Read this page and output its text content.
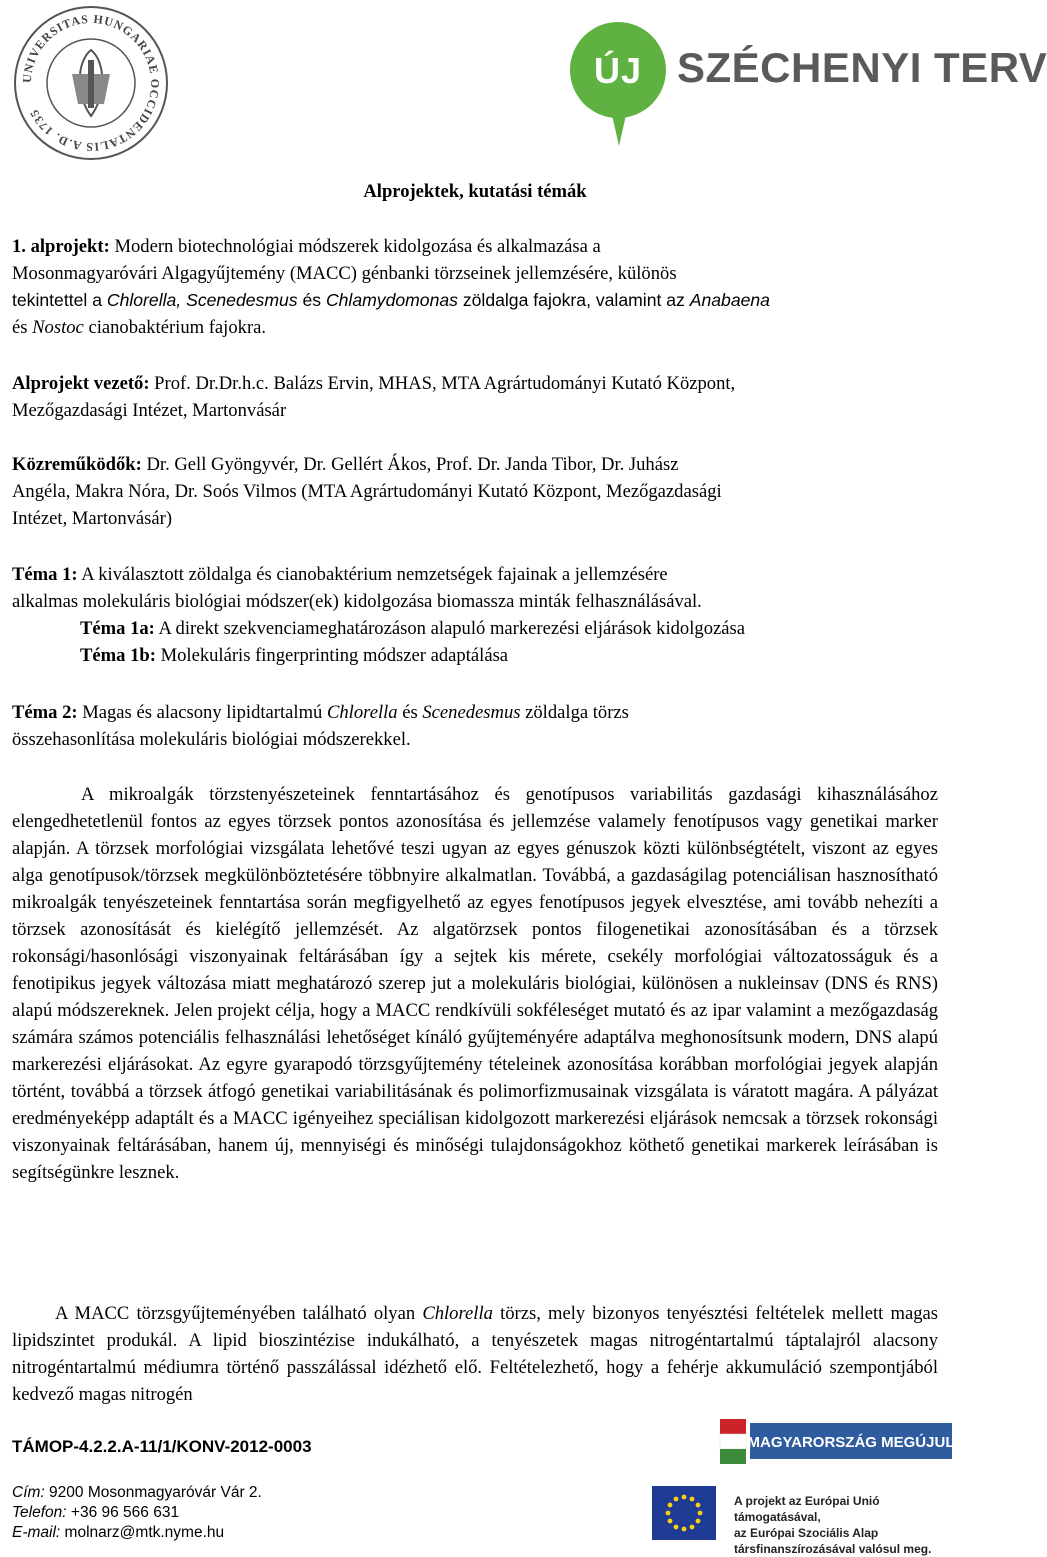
UNIVERSITAS HUNGARIAE OCCIDENTALIS A.D. 1735
ÚJ SZÉCHENYI TERV
Alprojektek, kutatási témák
1. alprojekt: Modern biotechnológiai módszerek kidolgozása és alkalmazása a
Mosonmagyaróvári Algagyűjtemény (MACC) génbanki törzseinek jellemzésére, különös
tekintettel a Chlorella, Scenedesmus és Chlamydomonas zöldalga fajokra, valamint az Anabaena
és Nostoc cianobaktérium fajokra.
Alprojekt vezető: Prof. Dr.Dr.h.c. Balázs Ervin, MHAS, MTA Agrártudományi Kutató Központ,
Mezőgazdasági Intézet, Martonvásár
Közreműködők: Dr. Gell Gyöngyvér, Dr. Gellért Ákos, Prof. Dr. Janda Tibor, Dr. Juhász
Angéla, Makra Nóra, Dr. Soós Vilmos (MTA Agrártudományi Kutató Központ, Mezőgazdasági
Intézet, Martonvásár)
Téma 1: A kiválasztott zöldalga és cianobaktérium nemzetségek fajainak a jellemzésére
alkalmas molekuláris biológiai módszer(ek) kidolgozása biomassza minták felhasználásával.
Téma 1a: A direkt szekvenciameghatározáson alapuló markerezési eljárások kidolgozása
Téma 1b: Molekuláris fingerprinting módszer adaptálása
Téma 2: Magas és alacsony lipidtartalmú Chlorella és Scenedesmus zöldalga törzs
összehasonlítása molekuláris biológiai módszerekkel.
A mikroalgák törzstenyészeteinek fenntartásához és genotípusos variabilitás gazdasági kihasználásához elengedhetetlenül fontos az egyes törzsek pontos azonosítása és jellemzése valamely fenotípusos vagy genetikai marker alapján. A törzsek morfológiai vizsgálata lehetővé teszi ugyan az egyes génuszok közti különbségtételt, viszont az egyes alga genotípusok/törzsek megkülönböztetésére többnyire alkalmatlan. Továbbá, a gazdaságilag potenciálisan hasznosítható mikroalgák tenyészeteinek fenntartása során megfigyelhető az egyes fenotípusos jegyek elvesztése, ami tovább nehezíti a törzsek azonosítását és kielégítő jellemzését. Az algatörzsek pontos filogenetikai azonosításában és a törzsek rokonsági/hasonlósági viszonyainak feltárásában így a sejtek kis mérete, csekély morfológiai változatosságuk és a fenotipikus jegyek változása miatt meghatározó szerep jut a molekuláris biológiai, különösen a nukleinsav (DNS és RNS) alapú módszereknek. Jelen projekt célja, hogy a MACC rendkívüli sokféleséget mutató és az ipar valamint a mezőgazdaság számára számos potenciális felhasználási lehetőséget kínáló gyűjteményére adaptálva meghonosítsunk modern, DNS alapú markerezési eljárásokat. Az egyre gyarapodó törzsgyűjtemény tételeinek azonosítása korábban morfológiai jegyek alapján történt, továbbá a törzsek átfogó genetikai variabilitásának és polimorfizmusainak vizsgálata is váratott magára. A pályázat eredményeképp adaptált és a MACC igényeihez speciálisan kidolgozott markerezési eljárások nemcsak a törzsek rokonsági viszonyainak feltárásában, hanem új, mennyiségi és minőségi tulajdonságokhoz köthető genetikai markerek leírásában is segítségünkre lesznek.
A MACC törzsgyűjteményében található olyan Chlorella törzs, mely bizonyos tenyésztési feltételek mellett magas lipidszintet produkál. A lipid bioszintézise indukálható, a tenyészetek magas nitrogéntartalmú táptalajról alacsony nitrogéntartalmú médiumra történő passzálással idézhető elő. Feltételezhető, hogy a fehérje akkumuláció szempontjából kedvező magas nitrogén
TÁMOP-4.2.2.A-11/1/KONV-2012-0003
Cím: 9200 Mosonmagyaróvár Vár 2.
Telefon: +36 96 566 631
E-mail: molnarz@mtk.nyme.hu
MAGYARORSZÁG MEGÚJUL
A projekt az Európai Unió támogatásával,
az Európai Szociális Alap
társfinanszírozásával valósul meg.
